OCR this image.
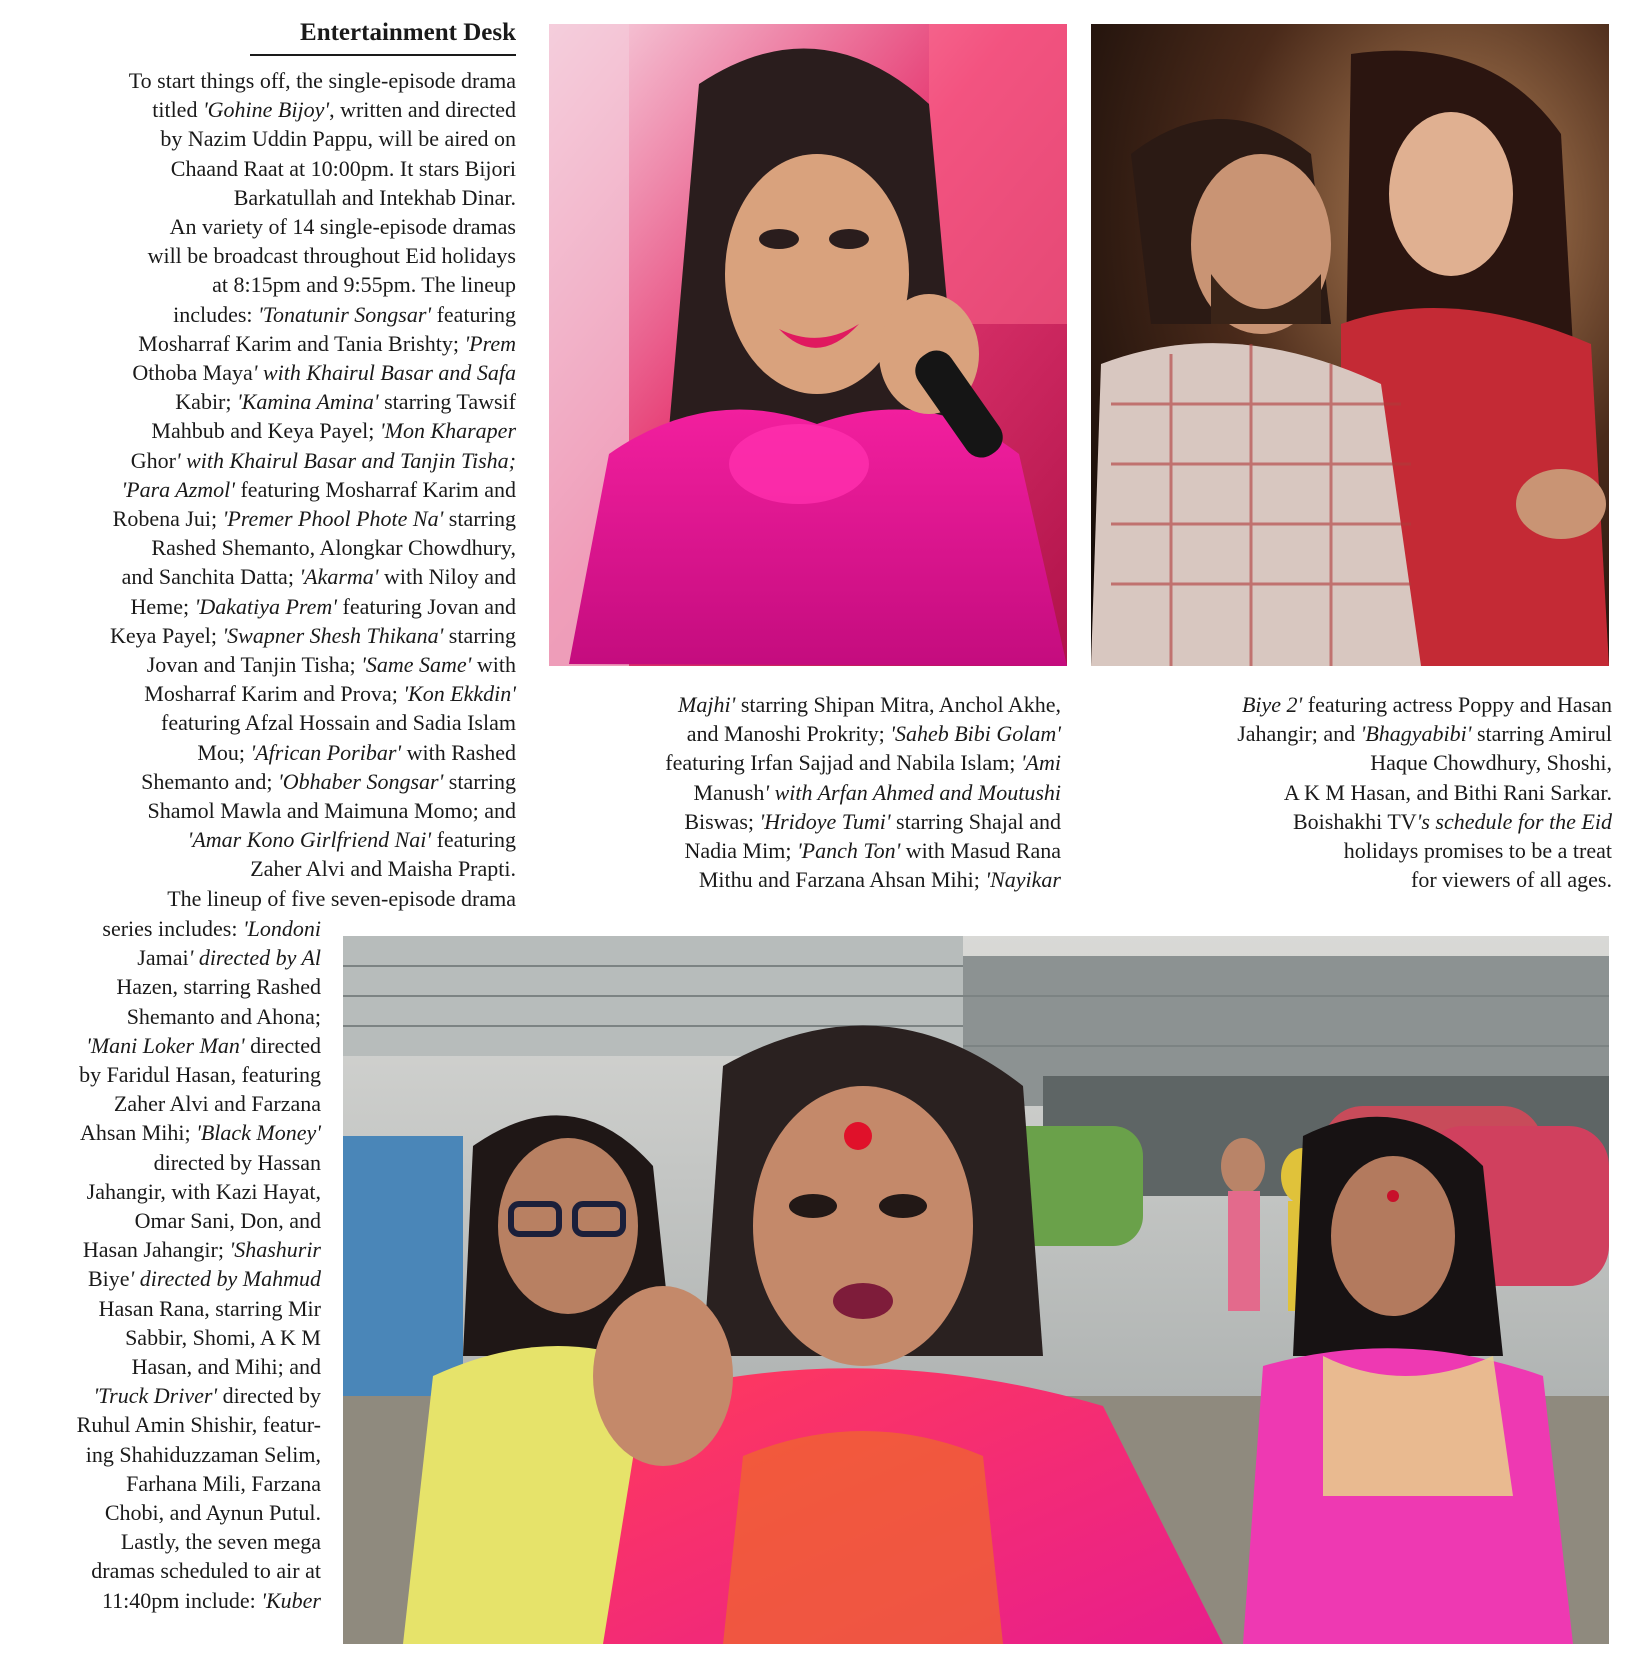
Entertainment Desk
To start things off, the single-episode drama
titled 'Gohine Bijoy', written and directed
by Nazim Uddin Pappu, will be aired on
Chaand Raat at 10:00pm. It stars Bijori
Barkatullah and Intekhab Dinar.
An variety of 14 single-episode dramas
will be broadcast throughout Eid holidays
at 8:15pm and 9:55pm. The lineup
includes: 'Tonatunir Songsar' featuring
Mosharraf Karim and Tania Brishty; 'Prem
Othoba Maya' with Khairul Basar and Safa
Kabir; 'Kamina Amina' starring Tawsif
Mahbub and Keya Payel; 'Mon Kharaper
Ghor' with Khairul Basar and Tanjin Tisha;
'Para Azmol' featuring Mosharraf Karim and
Robena Jui; 'Premer Phool Phote Na' starring
Rashed Shemanto, Alongkar Chowdhury,
and Sanchita Datta; 'Akarma' with Niloy and
Heme; 'Dakatiya Prem' featuring Jovan and
Keya Payel; 'Swapner Shesh Thikana' starring
Jovan and Tanjin Tisha; 'Same Same' with
Mosharraf Karim and Prova; 'Kon Ekkdin'
featuring Afzal Hossain and Sadia Islam
Mou; 'African Poribar' with Rashed
Shemanto and; 'Obhaber Songsar' starring
Shamol Mawla and Maimuna Momo; and
'Amar Kono Girlfriend Nai' featuring
Zaher Alvi and Maisha Prapti.
The lineup of five seven-episode drama
series includes: 'Londoni
Jamai' directed by Al
Hazen, starring Rashed
Shemanto and Ahona;
'Mani Loker Man' directed
by Faridul Hasan, featuring
Zaher Alvi and Farzana
Ahsan Mihi; 'Black Money'
directed by Hassan
Jahangir, with Kazi Hayat,
Omar Sani, Don, and
Hasan Jahangir; 'Shashurir
Biye' directed by Mahmud
Hasan Rana, starring Mir
Sabbir, Shomi, A K M
Hasan, and Mihi; and
'Truck Driver' directed by
Ruhul Amin Shishir, featur-
ing Shahiduzzaman Selim,
Farhana Mili, Farzana
Chobi, and Aynun Putul.
Lastly, the seven mega
dramas scheduled to air at
11:40pm include: 'Kuber
Majhi' starring Shipan Mitra, Anchol Akhe,
and Manoshi Prokrity; 'Saheb Bibi Golam'
featuring Irfan Sajjad and Nabila Islam; 'Ami
Manush' with Arfan Ahmed and Moutushi
Biswas; 'Hridoye Tumi' starring Shajal and
Nadia Mim; 'Panch Ton' with Masud Rana
Mithu and Farzana Ahsan Mihi; 'Nayikar
Biye 2' featuring actress Poppy and Hasan
Jahangir; and 'Bhagyabibi' starring Amirul
Haque Chowdhury, Shoshi,
A K M Hasan, and Bithi Rani Sarkar.
Boishakhi TV's schedule for the Eid
holidays promises to be a treat
for viewers of all ages.
